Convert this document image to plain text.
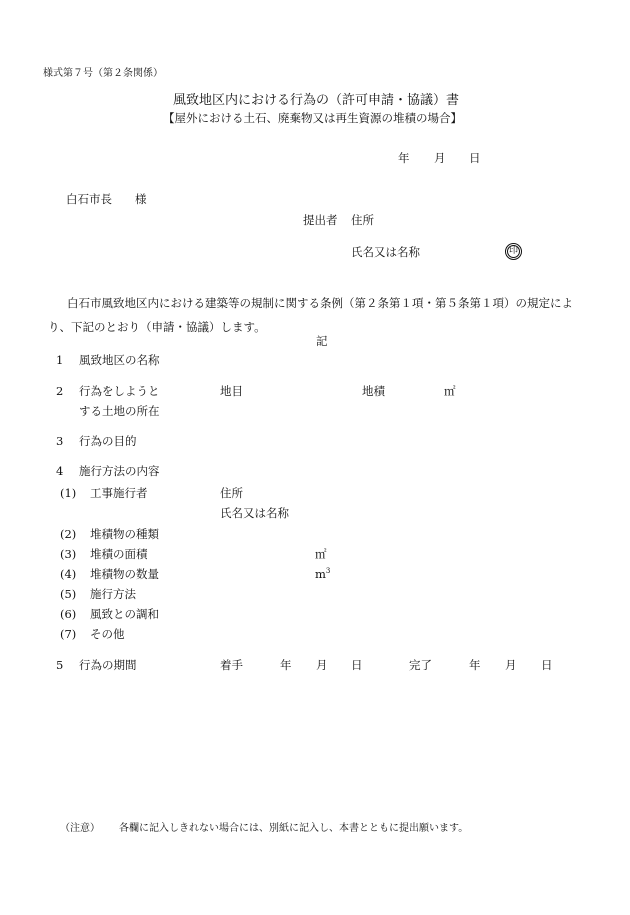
様式第７号（第２条関係）
風致地区内における行為の（許可申請・協議）書
【屋外における土石、廃棄物又は再生資源の堆積の場合】
年 月 日
白石市長　　様
提出者 住所
氏名又は名称	印
白石市風致地区内における建築等の規制に関する条例（第２条第１項・第５条第１項）の規定により、下記のとおり（申請・協議）します。
記
1 風致地区の名称
2 行為をしようと
する土地の所在
地目	地積	㎡
3 行為の目的
4 施行方法の内容
(1) 工事施行者	住所
氏名又は名称
(2) 堆積物の種類
(3) 堆積の面積	㎡
(4) 堆積物の数量	$m^3$
(5) 施行方法
(6) 風致との調和
(7) その他
5 行為の期間	着手	年 月 日	完了	年 月 日
（注意） 各欄に記入しきれない場合には、別紙に記入し、本書とともに提出願います。
